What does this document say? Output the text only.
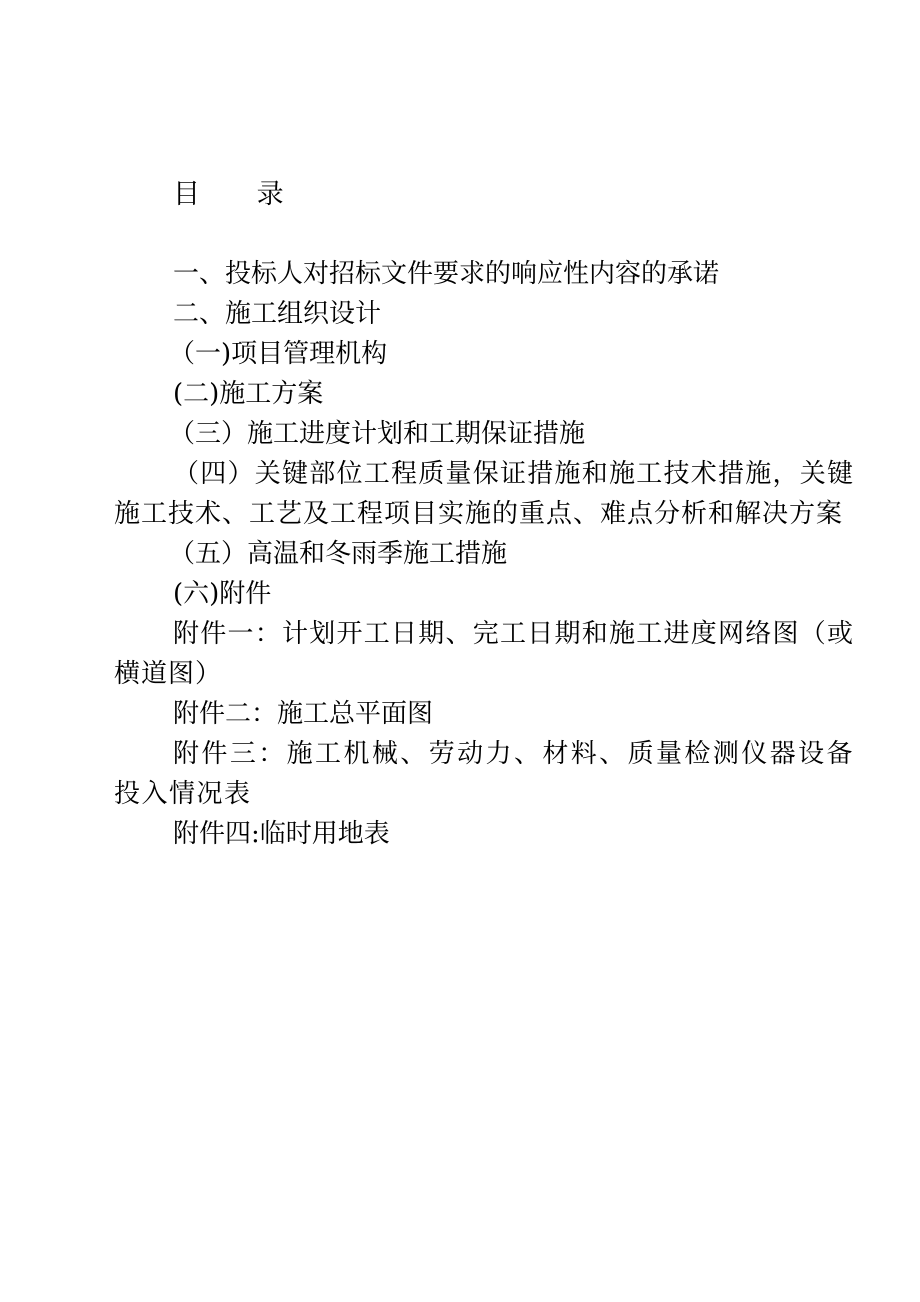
目 录
一、投标人对招标文件要求的响应性内容的承诺
二、施工组织设计
（一)项目管理机构
(二)施工方案
（三）施工进度计划和工期保证措施
（四）关键部位工程质量保证措施和施工技术措施，关键施工技术、工艺及工程项目实施的重点、难点分析和解决方案
（五）高温和冬雨季施工措施
(六)附件
附件一：计划开工日期、完工日期和施工进度网络图（或横道图）
附件二：施工总平面图
附件三：施工机械、劳动力、材料、质量检测仪器设备投入情况表
附件四:临时用地表
